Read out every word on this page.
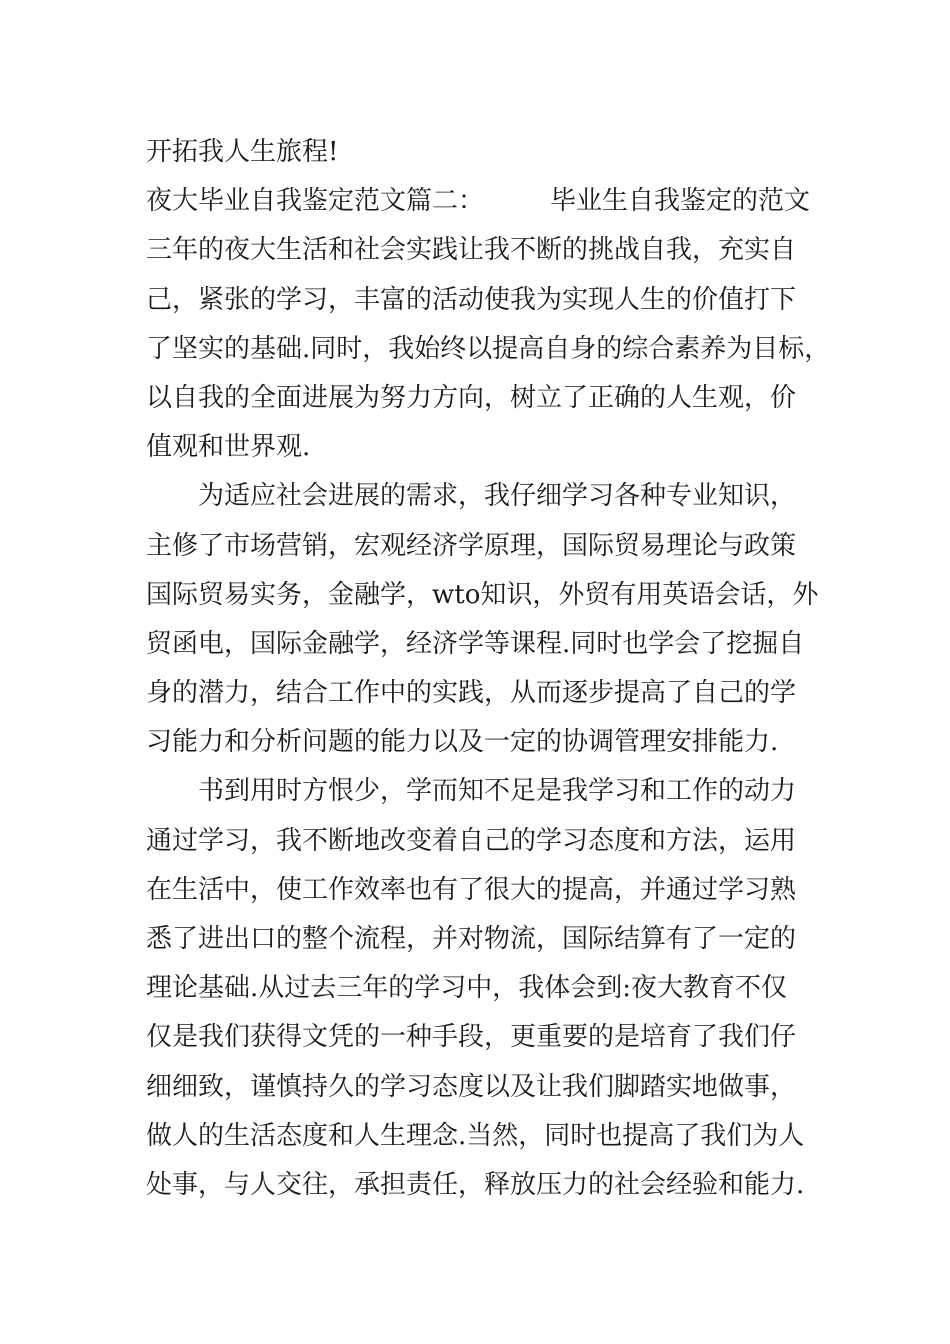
开拓我人生旅程!
夜大毕业自我鉴定范文篇二：	毕业生自我鉴定的范文
三年的夜大生活和社会实践让我不断的挑战自我，充实自
己，紧张的学习，丰富的活动使我为实现人生的价值打下
了坚实的基础.同时，我始终以提高自身的综合素养为目标，
以自我的全面进展为努力方向，树立了正确的人生观，价
值观和世界观.
为适应社会进展的需求，我仔细学习各种专业知识，
主修了市场营销，宏观经济学原理，国际贸易理论与政策
国际贸易实务，金融学，wto知识，外贸有用英语会话，外
贸函电，国际金融学，经济学等课程.同时也学会了挖掘自
身的潜力，结合工作中的实践，从而逐步提高了自己的学
习能力和分析问题的能力以及一定的协调管理安排能力.
书到用时方恨少，学而知不足是我学习和工作的动力
通过学习，我不断地改变着自己的学习态度和方法，运用
在生活中，使工作效率也有了很大的提高，并通过学习熟
悉了进出口的整个流程，并对物流，国际结算有了一定的
理论基础.从过去三年的学习中，我体会到:夜大教育不仅
仅是我们获得文凭的一种手段，更重要的是培育了我们仔
细细致，谨慎持久的学习态度以及让我们脚踏实地做事，
做人的生活态度和人生理念.当然，同时也提高了我们为人
处事，与人交往，承担责任，释放压力的社会经验和能力.
